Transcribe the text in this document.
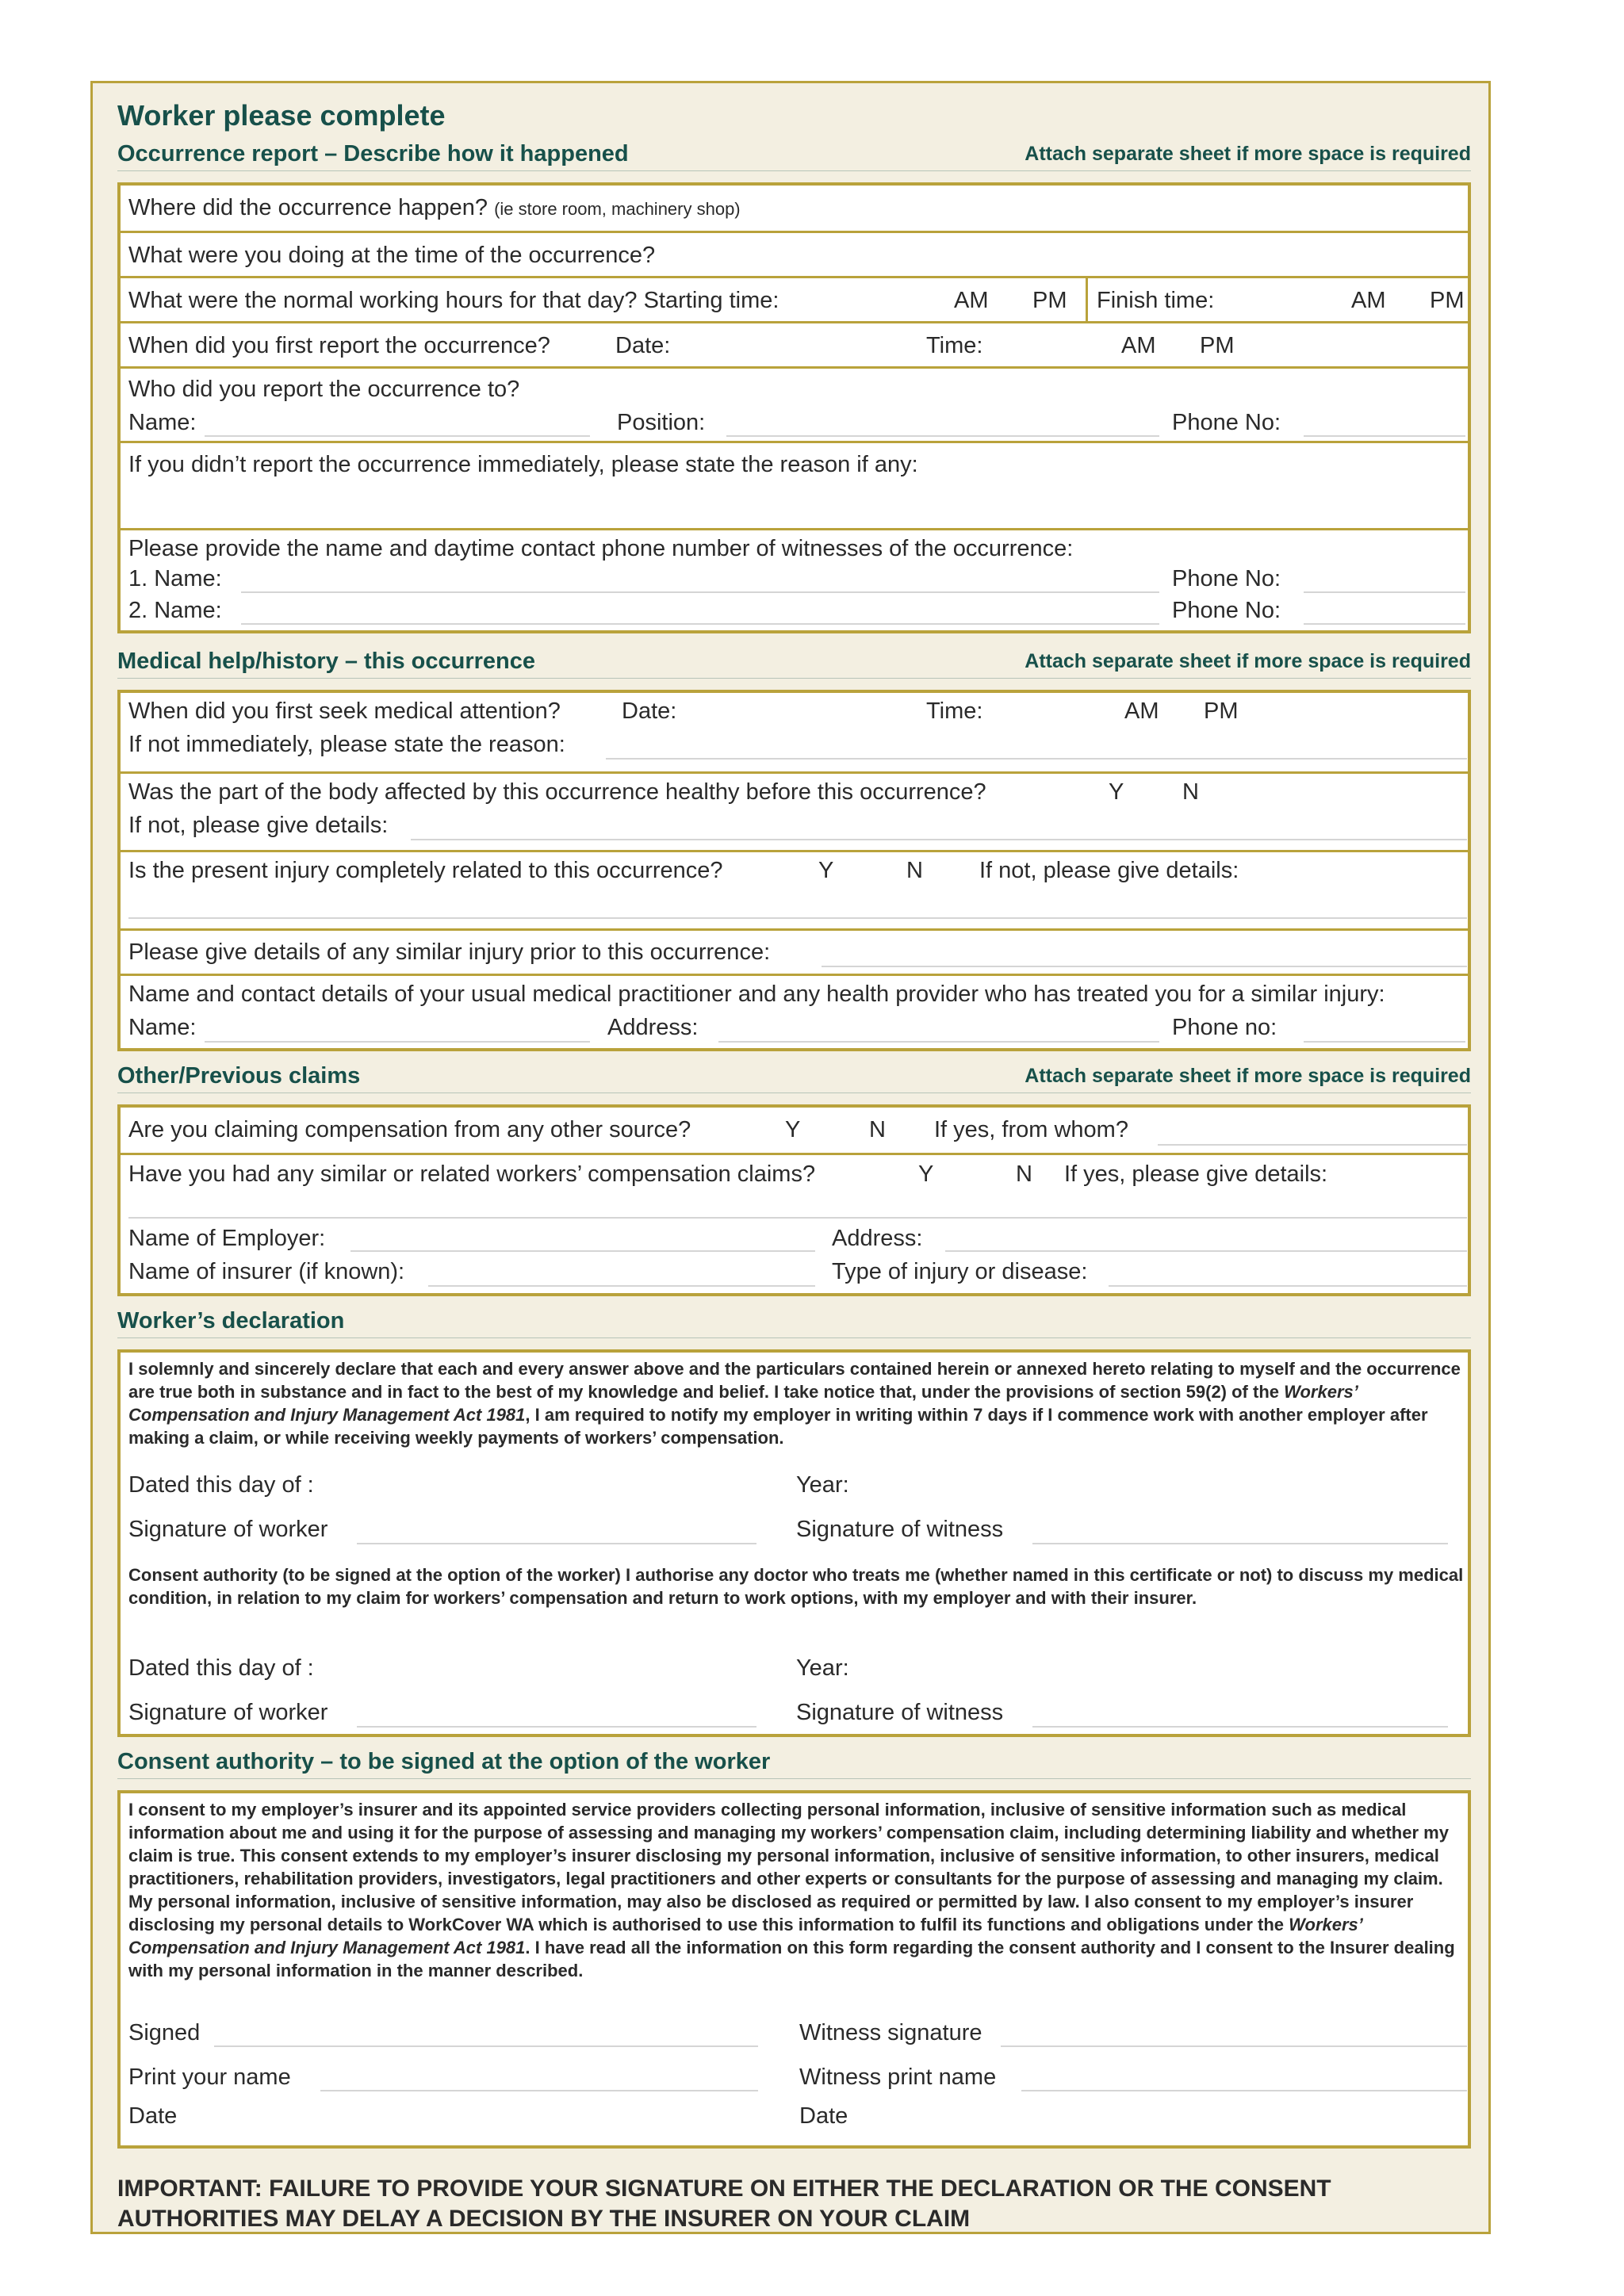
Worker please complete
Occurrence report – Describe how it happened	Attach separate sheet if more space is required
Where did the occurrence happen? (ie store room, machinery shop)
What were you doing at the time of the occurrence?
What were the normal working hours for that day? Starting time:	AM PM Finish time:	AM PM
When did you first report the occurrence?	Date:	Time:	AM PM
Who did you report the occurrence to?
Name:	Position:	Phone No:
If you didn’t report the occurrence immediately, please state the reason if any:
Please provide the name and daytime contact phone number of witnesses of the occurrence:
1. Name:	Phone No:
2. Name:	Phone No:
Medical help/history – this occurrence	Attach separate sheet if more space is required
When did you first seek medical attention?	Date:	Time:	AM PM
If not immediately, please state the reason:
Was the part of the body affected by this occurrence healthy before this occurrence?	Y	N
If not, please give details:
Is the present injury completely related to this occurrence?	Y	N If not, please give details:
Please give details of any similar injury prior to this occurrence:
Name and contact details of your usual medical practitioner and any health provider who has treated you for a similar injury:
Name:	Address:	Phone no:
Other/Previous claims	Attach separate sheet if more space is required
Are you claiming compensation from any other source?	Y	N If yes, from whom?
Have you had any similar or related workers’ compensation claims?	Y	N If yes, please give details:
Name of Employer:	Address:
Name of insurer (if known):	Type of injury or disease:
Worker’s declaration
I solemnly and sincerely declare that each and every answer above and the particulars contained herein or annexed hereto relating to myself and the occurrence are true both in substance and in fact to the best of my knowledge and belief. I take notice that, under the provisions of section 59(2) of the Workers’ Compensation and Injury Management Act 1981, I am required to notify my employer in writing within 7 days if I commence work with another employer after making a claim, or while receiving weekly payments of workers’ compensation.
Dated this day of :	Year:
Signature of worker	Signature of witness
Consent authority (to be signed at the option of the worker) I authorise any doctor who treats me (whether named in this certificate or not) to discuss my medical condition, in relation to my claim for workers’ compensation and return to work options, with my employer and with their insurer.
Dated this day of :	Year:
Signature of worker	Signature of witness
Consent authority – to be signed at the option of the worker
I consent to my employer’s insurer and its appointed service providers collecting personal information, inclusive of sensitive information such as medical information about me and using it for the purpose of assessing and managing my workers’ compensation claim, including determining liability and whether my claim is true. This consent extends to my employer’s insurer disclosing my personal information, inclusive of sensitive information, to other insurers, medical practitioners, rehabilitation providers, investigators, legal practitioners and other experts or consultants for the purpose of assessing and managing my claim. My personal information, inclusive of sensitive information, may also be disclosed as required or permitted by law. I also consent to my employer’s insurer disclosing my personal details to WorkCover WA which is authorised to use this information to fulfil its functions and obligations under the Workers’ Compensation and Injury Management Act 1981. I have read all the information on this form regarding the consent authority and I consent to the Insurer dealing with my personal information in the manner described.
Signed	Witness signature
Print your name	Witness print name
Date	Date
IMPORTANT: FAILURE TO PROVIDE YOUR SIGNATURE ON EITHER THE DECLARATION OR THE CONSENT AUTHORITIES MAY DELAY A DECISION BY THE INSURER ON YOUR CLAIM
